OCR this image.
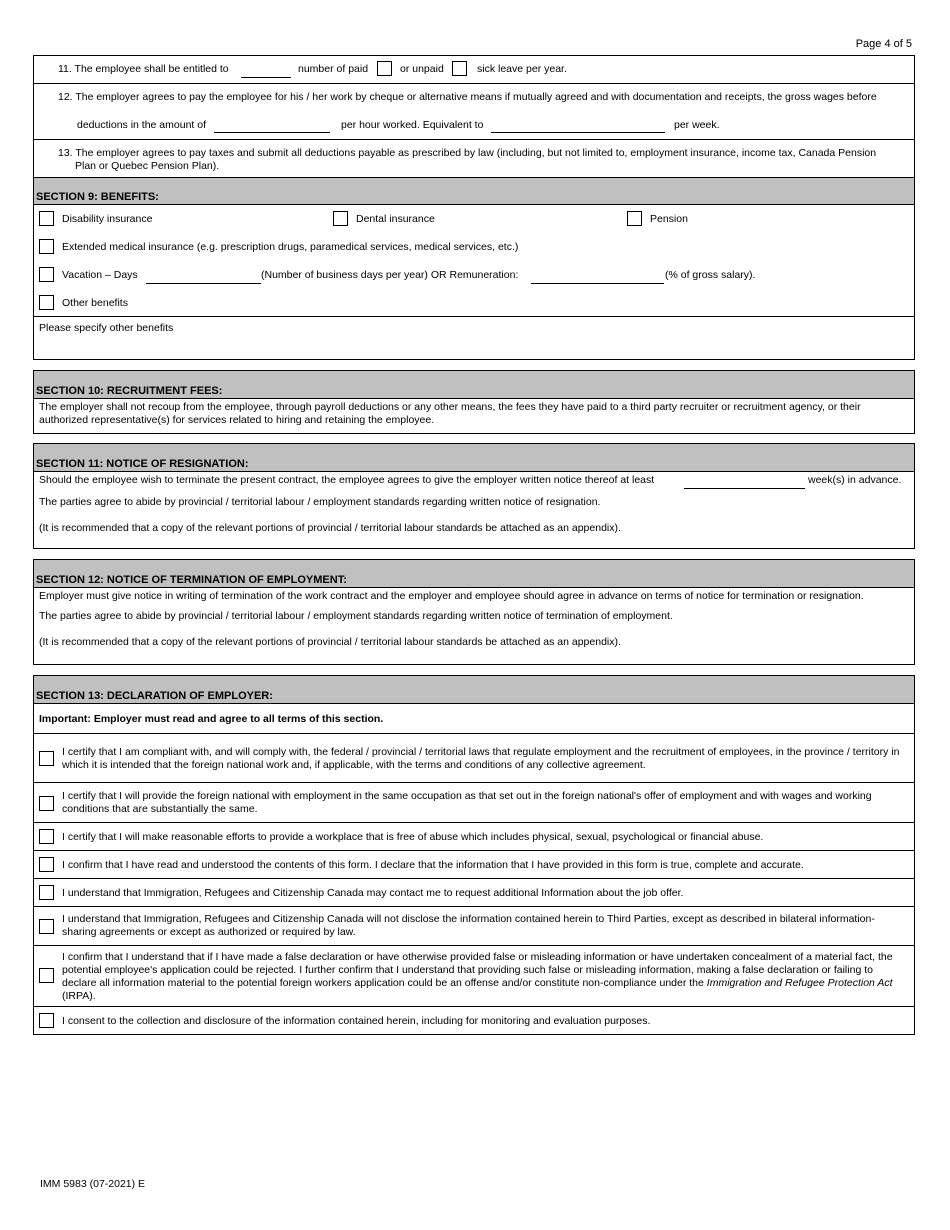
Page 4 of 5
11. The employee shall be entitled to	number of paid	or unpaid	sick leave per year.
12. The employer agrees to pay the employee for his / her work by cheque or alternative means if mutually agreed and with documentation and receipts, the gross wages before
deductions in the amount of	per hour worked. Equivalent to	per week.
13. The employer agrees to pay taxes and submit all deductions payable as prescribed by law (including, but not limited to, employment insurance, income tax, Canada Pension
Plan or Quebec Pension Plan).
SECTION 9: BENEFITS:
Disability insurance	Dental insurance	Pension
Extended medical insurance (e.g. prescription drugs, paramedical services, medical services, etc.)
Vacation – Days	(Number of business days per year) OR Remuneration:	(% of gross salary).
Other benefits
Please specify other benefits
SECTION 10: RECRUITMENT FEES:
The employer shall not recoup from the employee, through payroll deductions or any other means, the fees they have paid to a third party recruiter or recruitment agency, or their authorized representative(s) for services related to hiring and retaining the employee.
SECTION 11: NOTICE OF RESIGNATION:
Should the employee wish to terminate the present contract, the employee agrees to give the employer written notice thereof at least	week(s) in advance.
The parties agree to abide by provincial / territorial labour / employment standards regarding written notice of resignation.
(It is recommended that a copy of the relevant portions of provincial / territorial labour standards be attached as an appendix).
SECTION 12: NOTICE OF TERMINATION OF EMPLOYMENT:
Employer must give notice in writing of termination of the work contract and the employer and employee should agree in advance on terms of notice for termination or resignation.
The parties agree to abide by provincial / territorial labour / employment standards regarding written notice of termination of employment.
(It is recommended that a copy of the relevant portions of provincial / territorial labour standards be attached as an appendix).
SECTION 13: DECLARATION OF EMPLOYER:
Important: Employer must read and agree to all terms of this section.
I certify that I am compliant with, and will comply with, the federal / provincial / territorial laws that regulate employment and the recruitment of employees, in the province / territory in which it is intended that the foreign national work and, if applicable, with the terms and conditions of any collective agreement.
I certify that I will provide the foreign national with employment in the same occupation as that set out in the foreign national's offer of employment and with wages and working conditions that are substantially the same.
I certify that I will make reasonable efforts to provide a workplace that is free of abuse which includes physical, sexual, psychological or financial abuse.
I confirm that I have read and understood the contents of this form. I declare that the information that I have provided in this form is true, complete and accurate.
I understand that Immigration, Refugees and Citizenship Canada may contact me to request additional Information about the job offer.
I understand that Immigration, Refugees and Citizenship Canada will not disclose the information contained herein to Third Parties, except as described in bilateral information-sharing agreements or except as authorized or required by law.
I confirm that I understand that if I have made a false declaration or have otherwise provided false or misleading information or have undertaken concealment of a material fact, the potential employee's application could be rejected. I further confirm that I understand that providing such false or misleading information, making a false declaration or failing to declare all information material to the potential foreign workers application could be an offense and/or constitute non-compliance under the Immigration and Refugee Protection Act (IRPA).
I consent to the collection and disclosure of the information contained herein, including for monitoring and evaluation purposes.
IMM 5983 (07-2021) E
